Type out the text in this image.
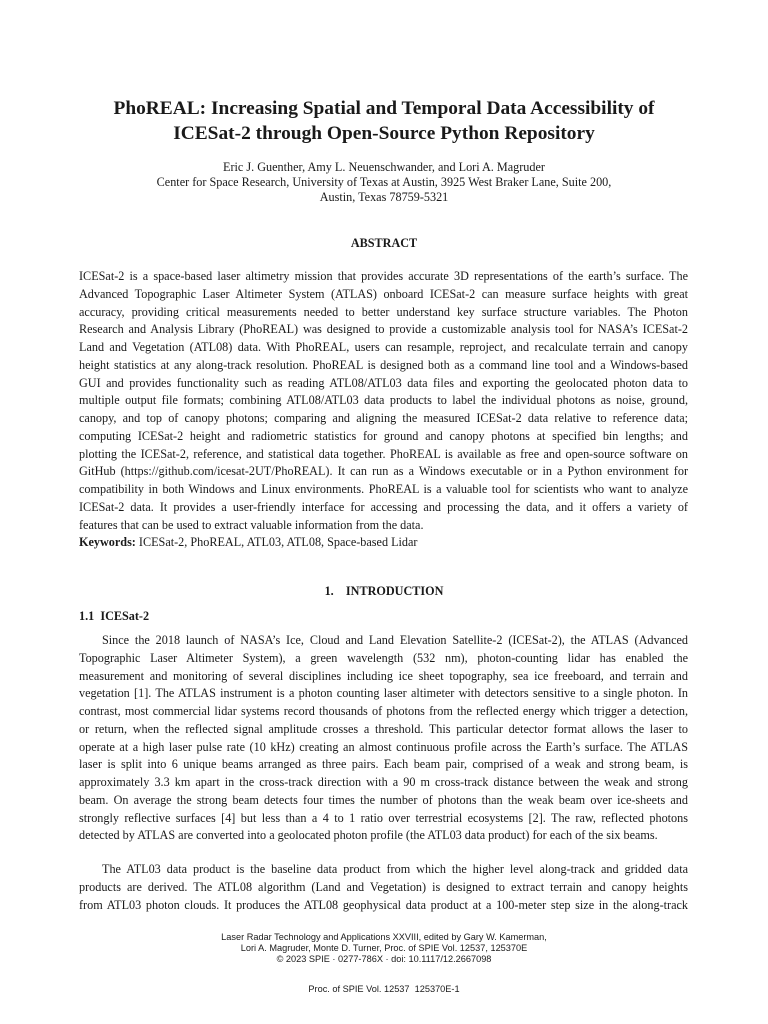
PhoREAL: Increasing Spatial and Temporal Data Accessibility of
ICESat-2 through Open-Source Python Repository
Eric J. Guenther, Amy L. Neuenschwander, and Lori A. Magruder
Center for Space Research, University of Texas at Austin, 3925 West Braker Lane, Suite 200,
Austin, Texas 78759-5321
ABSTRACT
ICESat-2 is a space-based laser altimetry mission that provides accurate 3D representations of the earth’s surface. The
Advanced Topographic Laser Altimeter System (ATLAS) onboard ICESat-2 can measure surface heights with great
accuracy, providing critical measurements needed to better understand key surface structure variables. The Photon
Research and Analysis Library (PhoREAL) was designed to provide a customizable analysis tool for NASA’s ICESat-2
Land and Vegetation (ATL08) data. With PhoREAL, users can resample, reproject, and recalculate terrain and canopy
height statistics at any along-track resolution. PhoREAL is designed both as a command line tool and a Windows-based
GUI and provides functionality such as reading ATL08/ATL03 data files and exporting the geolocated photon data to
multiple output file formats; combining ATL08/ATL03 data products to label the individual photons as noise, ground,
canopy, and top of canopy photons; comparing and aligning the measured ICESat-2 data relative to reference data;
computing ICESat-2 height and radiometric statistics for ground and canopy photons at specified bin lengths; and
plotting the ICESat-2, reference, and statistical data together. PhoREAL is available as free and open-source software on
GitHub (https://github.com/icesat-2UT/PhoREAL). It can run as a Windows executable or in a Python environment for
compatibility in both Windows and Linux environments. PhoREAL is a valuable tool for scientists who want to analyze
ICESat-2 data. It provides a user-friendly interface for accessing and processing the data, and it offers a variety of
features that can be used to extract valuable information from the data.
Keywords: ICESat-2, PhoREAL, ATL03, ATL08, Space-based Lidar
1.    INTRODUCTION
1.1  ICESat-2
Since the 2018 launch of NASA’s Ice, Cloud and Land Elevation Satellite-2 (ICESat-2), the ATLAS (Advanced
Topographic Laser Altimeter System), a green wavelength (532 nm), photon-counting lidar has enabled the
measurement and monitoring of several disciplines including ice sheet topography, sea ice freeboard, and terrain and
vegetation [1]. The ATLAS instrument is a photon counting laser altimeter with detectors sensitive to a single photon. In
contrast, most commercial lidar systems record thousands of photons from the reflected energy which trigger a detection,
or return, when the reflected signal amplitude crosses a threshold. This particular detector format allows the laser to
operate at a high laser pulse rate (10 kHz) creating an almost continuous profile across the Earth’s surface. The ATLAS
laser is split into 6 unique beams arranged as three pairs. Each beam pair, comprised of a weak and strong beam, is
approximately 3.3 km apart in the cross-track direction with a 90 m cross-track distance between the weak and strong
beam. On average the strong beam detects four times the number of photons than the weak beam over ice-sheets and
strongly reflective surfaces [4] but less than a 4 to 1 ratio over terrestrial ecosystems [2]. The raw, reflected photons
detected by ATLAS are converted into a geolocated photon profile (the ATL03 data product) for each of the six beams.
The ATL03 data product is the baseline data product from which the higher level along-track and gridded data
products are derived. The ATL08 algorithm (Land and Vegetation) is designed to extract terrain and canopy heights
from ATL03 photon clouds. It produces the ATL08 geophysical data product at a 100-meter step size in the along-track
Laser Radar Technology and Applications XXVIII, edited by Gary W. Kamerman,
Lori A. Magruder, Monte D. Turner, Proc. of SPIE Vol. 12537, 125370E
© 2023 SPIE · 0277-786X · doi: 10.1117/12.2667098
Proc. of SPIE Vol. 12537  125370E-1
